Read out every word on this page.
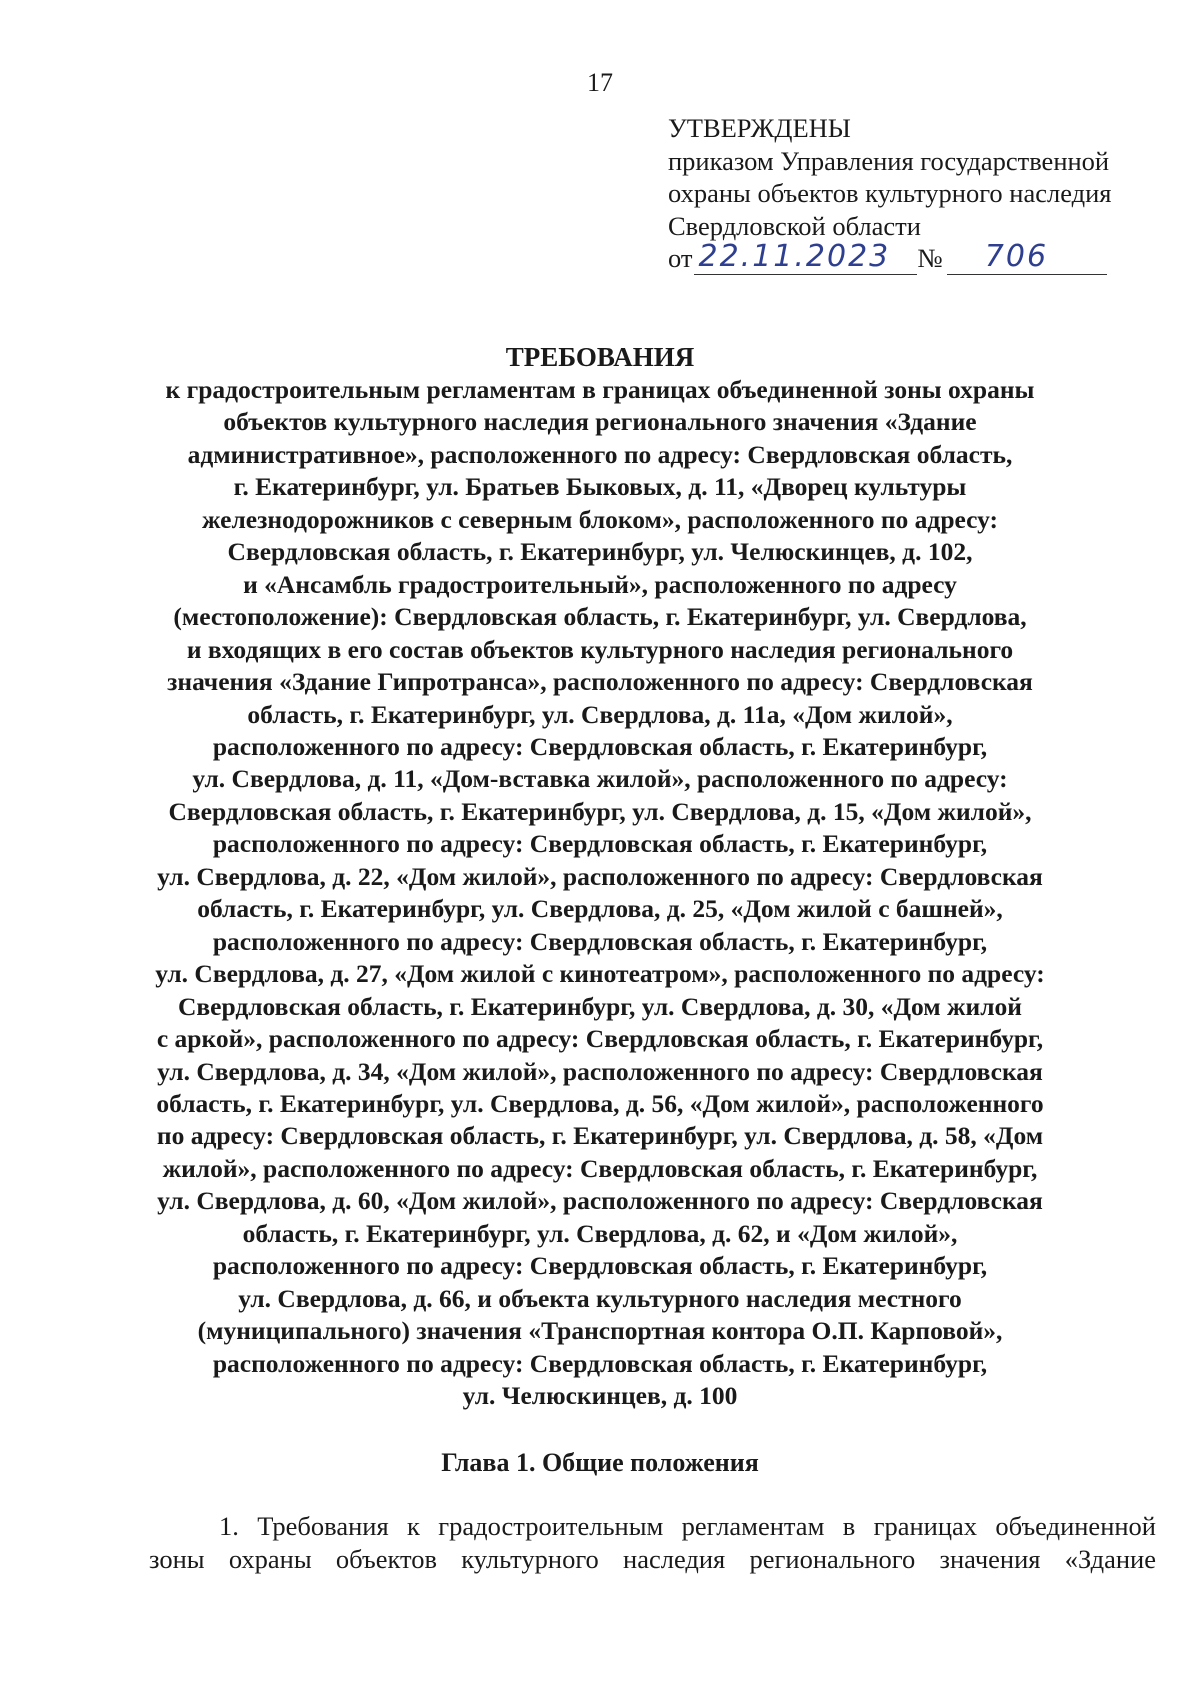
17
УТВЕРЖДЕНЫ
приказом Управления государственной
охраны объектов культурного наследия
Свердловской области
от 22.11.2023 № 706
ТРЕБОВАНИЯ
к градостроительным регламентам в границах объединенной зоны охраны
объектов культурного наследия регионального значения «Здание
административное», расположенного по адресу: Свердловская область,
г. Екатеринбург, ул. Братьев Быковых, д. 11, «Дворец культуры
железнодорожников с северным блоком», расположенного по адресу:
Свердловская область, г. Екатеринбург, ул. Челюскинцев, д. 102,
и «Ансамбль градостроительный», расположенного по адресу
(местоположение): Свердловская область, г. Екатеринбург, ул. Свердлова,
и входящих в его состав объектов культурного наследия регионального
значения «Здание Гипротранса», расположенного по адресу: Свердловская
область, г. Екатеринбург, ул. Свердлова, д. 11а, «Дом жилой»,
расположенного по адресу: Свердловская область, г. Екатеринбург,
ул. Свердлова, д. 11, «Дом-вставка жилой», расположенного по адресу:
Свердловская область, г. Екатеринбург, ул. Свердлова, д. 15, «Дом жилой»,
расположенного по адресу: Свердловская область, г. Екатеринбург,
ул. Свердлова, д. 22, «Дом жилой», расположенного по адресу: Свердловская
область, г. Екатеринбург, ул. Свердлова, д. 25, «Дом жилой с башней»,
расположенного по адресу: Свердловская область, г. Екатеринбург,
ул. Свердлова, д. 27, «Дом жилой с кинотеатром», расположенного по адресу:
Свердловская область, г. Екатеринбург, ул. Свердлова, д. 30, «Дом жилой
с аркой», расположенного по адресу: Свердловская область, г. Екатеринбург,
ул. Свердлова, д. 34, «Дом жилой», расположенного по адресу: Свердловская
область, г. Екатеринбург, ул. Свердлова, д. 56, «Дом жилой», расположенного
по адресу: Свердловская область, г. Екатеринбург, ул. Свердлова, д. 58, «Дом
жилой», расположенного по адресу: Свердловская область, г. Екатеринбург,
ул. Свердлова, д. 60, «Дом жилой», расположенного по адресу: Свердловская
область, г. Екатеринбург, ул. Свердлова, д. 62, и «Дом жилой»,
расположенного по адресу: Свердловская область, г. Екатеринбург,
ул. Свердлова, д. 66, и объекта культурного наследия местного
(муниципального) значения «Транспортная контора О.П. Карповой»,
расположенного по адресу: Свердловская область, г. Екатеринбург,
ул. Челюскинцев, д. 100
Глава 1. Общие положения
1. Требования к градостроительным регламентам в границах объединенной
зоны охраны объектов культурного наследия регионального значения «Здание
